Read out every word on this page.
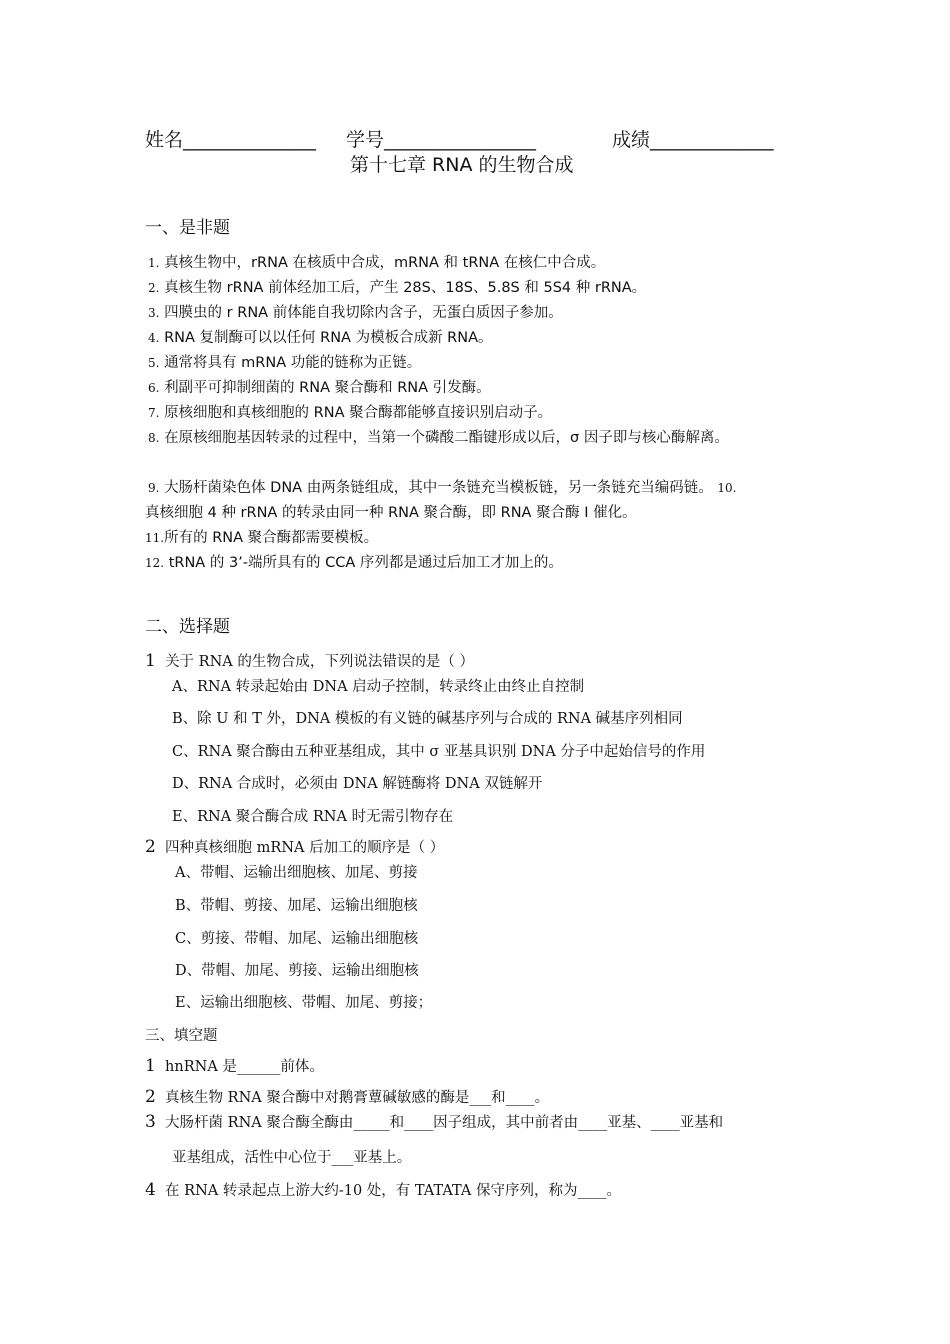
姓名______________ 学号________________	成绩_____________
第十七章 RNA 的生物合成
一、是非题
1. 真核生物中，rRNA 在核质中合成，mRNA 和 tRNA 在核仁中合成。
2. 真核生物 rRNA 前体经加工后，产生 28S、18S、5.8S 和 5S4 种 rRNA。
3. 四膜虫的 r RNA 前体能自我切除内含子，无蛋白质因子参加。
4. RNA 复制酶可以以任何 RNA 为模板合成新 RNA。
5. 通常将具有 mRNA 功能的链称为正链。
6. 利副平可抑制细菌的 RNA 聚合酶和 RNA 引发酶。
7. 原核细胞和真核细胞的 RNA 聚合酶都能够直接识别启动子。
8. 在原核细胞基因转录的过程中，当第一个磷酸二酯键形成以后，σ 因子即与核心酶解离。
9. 大肠杆菌染色体 DNA 由两条链组成，其中一条链充当模板链，另一条链充当编码链。 10.
真核细胞 4 种 rRNA 的转录由同一种 RNA 聚合酶，即 RNA 聚合酶 I 催化。
11.所有的 RNA 聚合酶都需要模板。
12. tRNA 的 3’-端所具有的 CCA 序列都是通过后加工才加上的。
二、选择题
1 关于 RNA 的生物合成，下列说法错误的是（ ）
A、RNA 转录起始由 DNA 启动子控制，转录终止由终止自控制
B、除 U 和 T 外，DNA 模板的有义链的碱基序列与合成的 RNA 碱基序列相同
C、RNA 聚合酶由五种亚基组成，其中 σ 亚基具识别 DNA 分子中起始信号的作用
D、RNA 合成时，必须由 DNA 解链酶将 DNA 双链解开
E、RNA 聚合酶合成 RNA 时无需引物存在
2 四种真核细胞 mRNA 后加工的顺序是（ ）
A、带帽、运输出细胞核、加尾、剪接
B、带帽、剪接、加尾、运输出细胞核
C、剪接、带帽、加尾、运输出细胞核
D、带帽、加尾、剪接、运输出细胞核
E、运输出细胞核、带帽、加尾、剪接；
三、填空题
1 hnRNA 是______前体。
2 真核生物 RNA 聚合酶中对鹅膏蕈碱敏感的酶是___和____。
3 大肠杆菌 RNA 聚合酶全酶由_____和____因子组成，其中前者由____亚基、____亚基和
亚基组成，活性中心位于___亚基上。
4 在 RNA 转录起点上游大约-10 处，有 TATATA 保守序列，称为____。
